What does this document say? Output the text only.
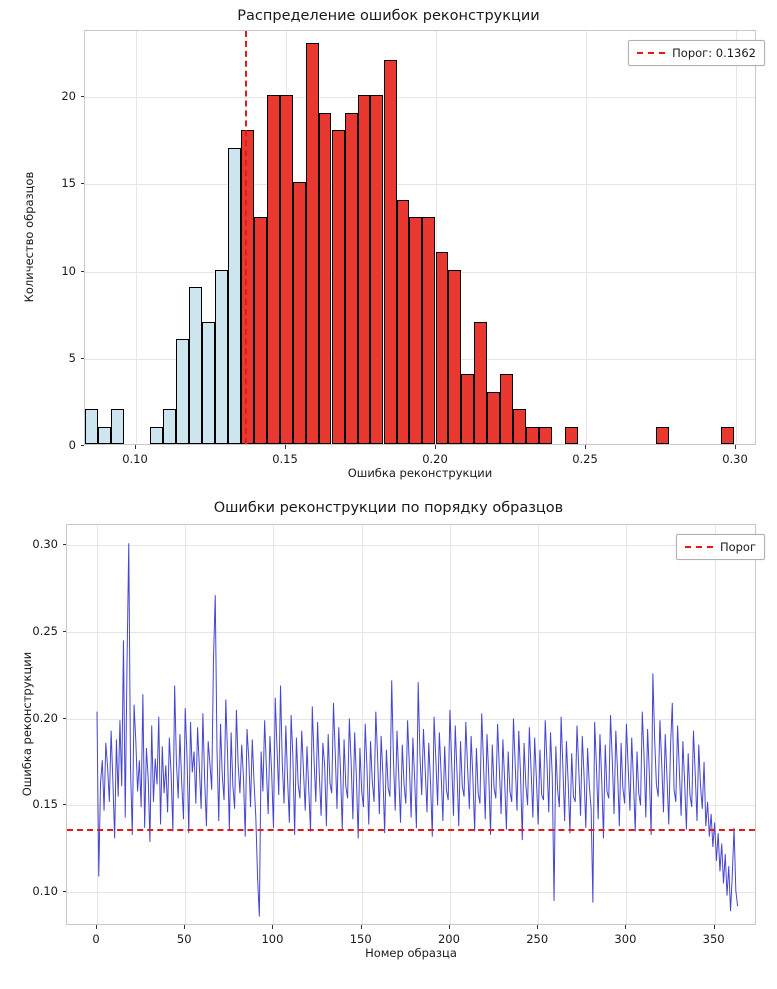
Распределение ошибок реконструкции
Ошибка реконструкции
Количество образцов
0
5
10
15
20
0.10	0.15	0.20	0.25	0.30
Порог: 0.1362
Ошибки реконструкции по порядку образцов
Номер образца
Ошибка реконструкции
0.10
0.15
0.20
0.25
0.30
0	50	100	150	200	250	300	350
Порог
